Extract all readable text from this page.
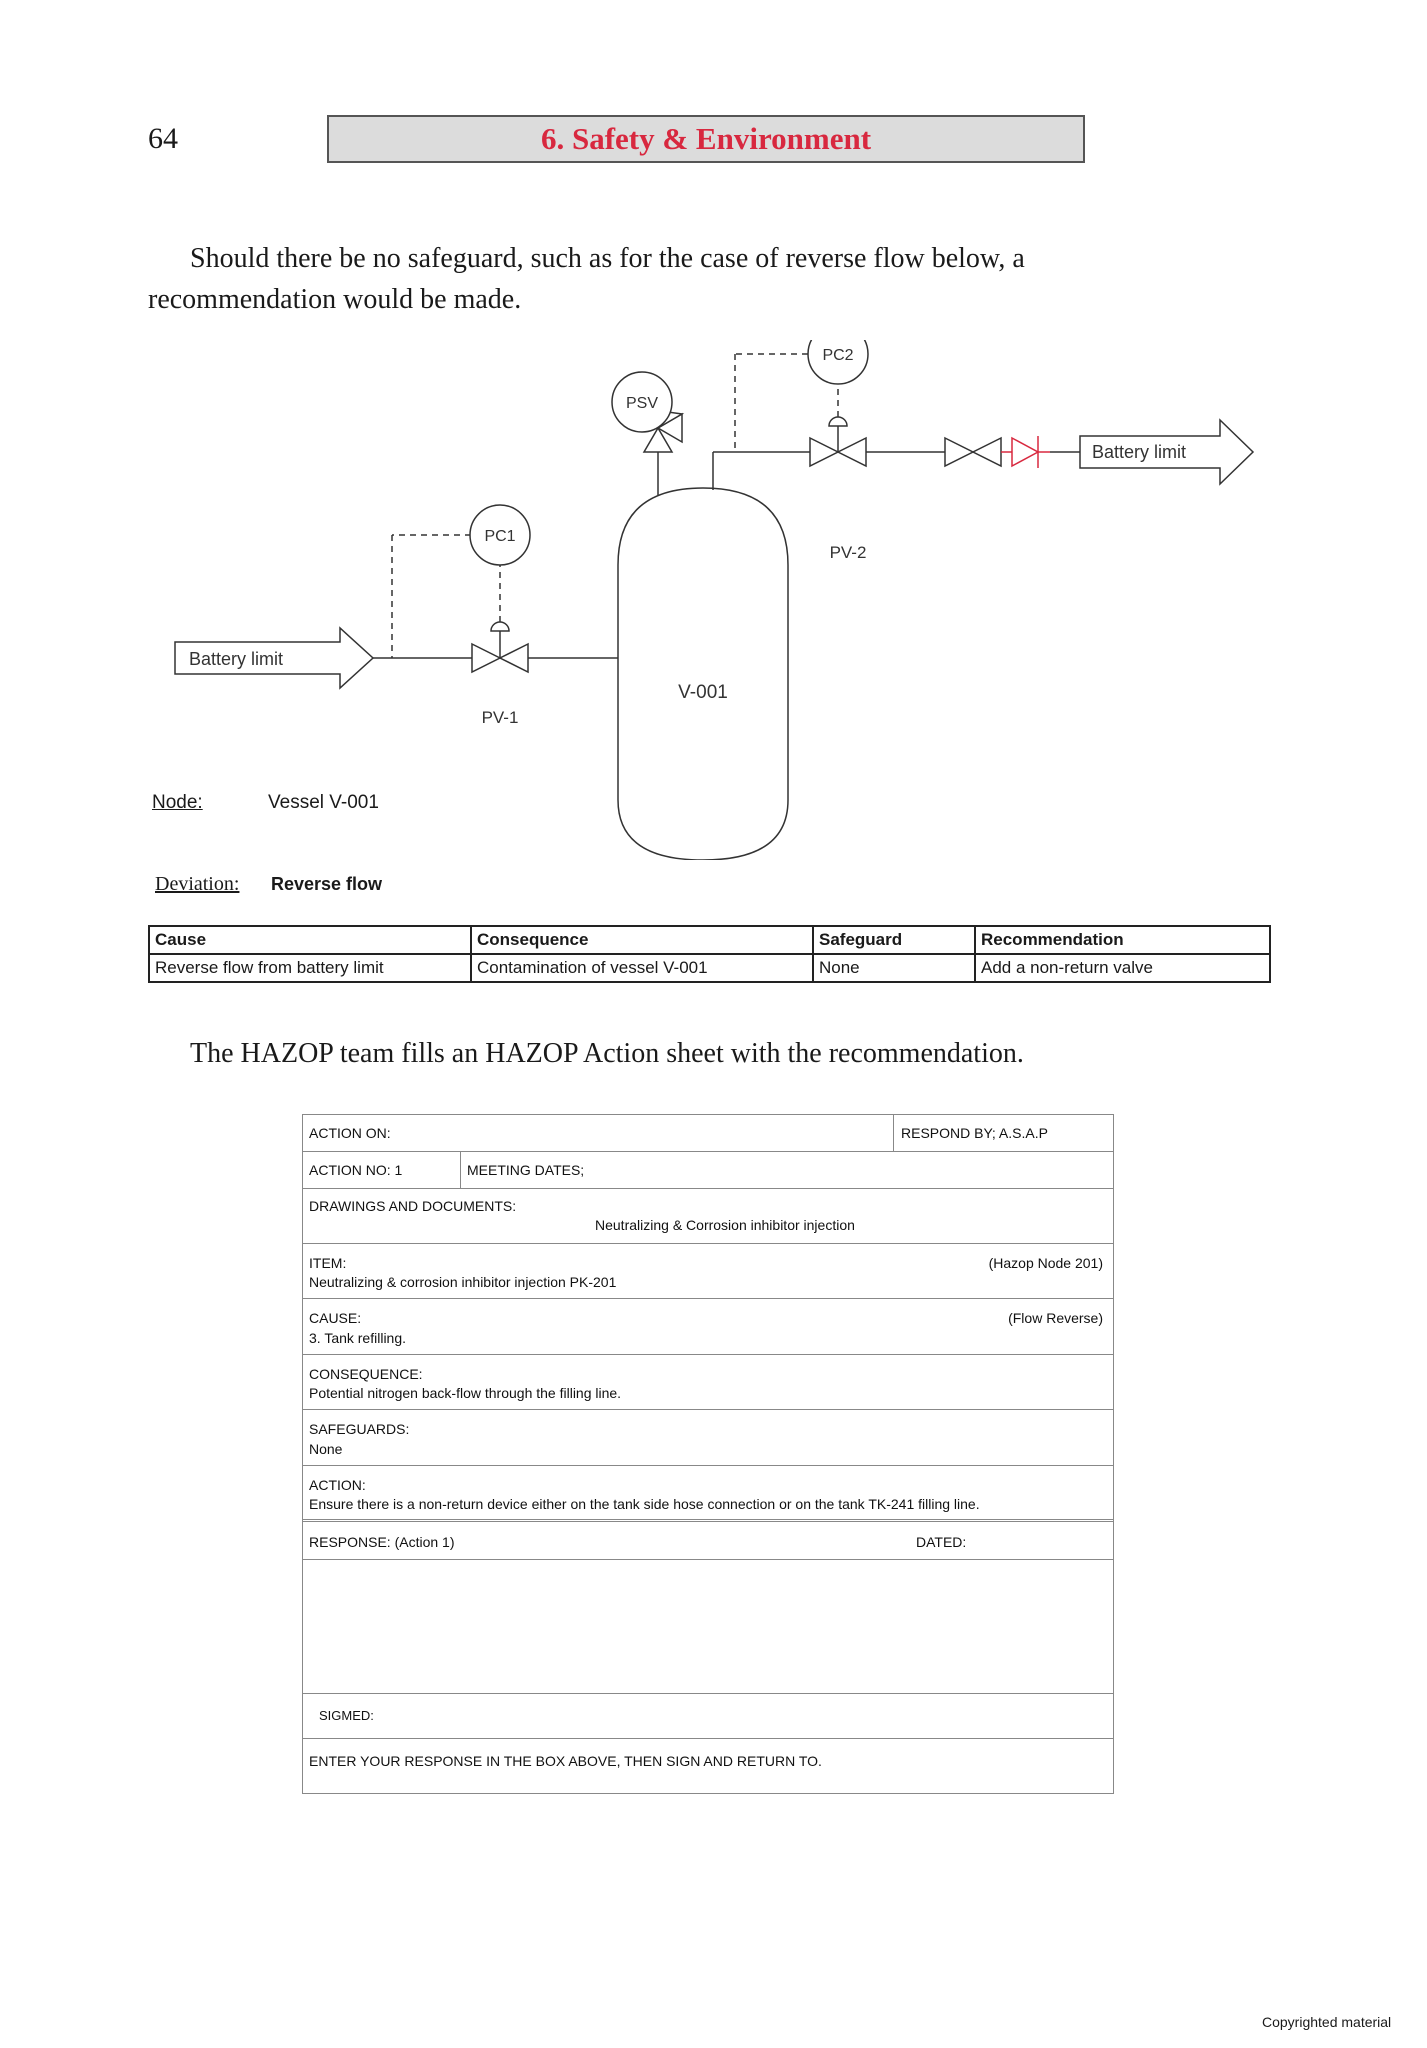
64	6. Safety & Environment
Should there be no safeguard, such as for the case of reverse flow below, a recommendation would be made.
Battery limit
Battery limit
PC1
PC2
PSV
PV-1
PV-2
V-001
Node:	Vessel V-001
Deviation: Reverse flow
Cause	Consequence	Safeguard	Recommendation
Reverse flow from battery limit	Contamination of vessel V-001	None	Add a non-return valve
The HAZOP team fills an HAZOP Action sheet with the recommendation.
ACTION ON:	RESPOND BY; A.S.A.P
ACTION NO: 1	MEETING DATES;
DRAWINGS AND DOCUMENTS:
Neutralizing & Corrosion inhibitor injection
ITEM:	(Hazop Node 201)
Neutralizing & corrosion inhibitor injection PK-201
CAUSE:	(Flow Reverse)
3. Tank refilling.
CONSEQUENCE:
Potential nitrogen back-flow through the filling line.
SAFEGUARDS:
None
ACTION:
Ensure there is a non-return device either on the tank side hose connection or on the tank TK-241 filling line.
RESPONSE: (Action 1)	DATED:
SIGMED:
ENTER YOUR RESPONSE IN THE BOX ABOVE, THEN SIGN AND RETURN TO.
Copyrighted material
